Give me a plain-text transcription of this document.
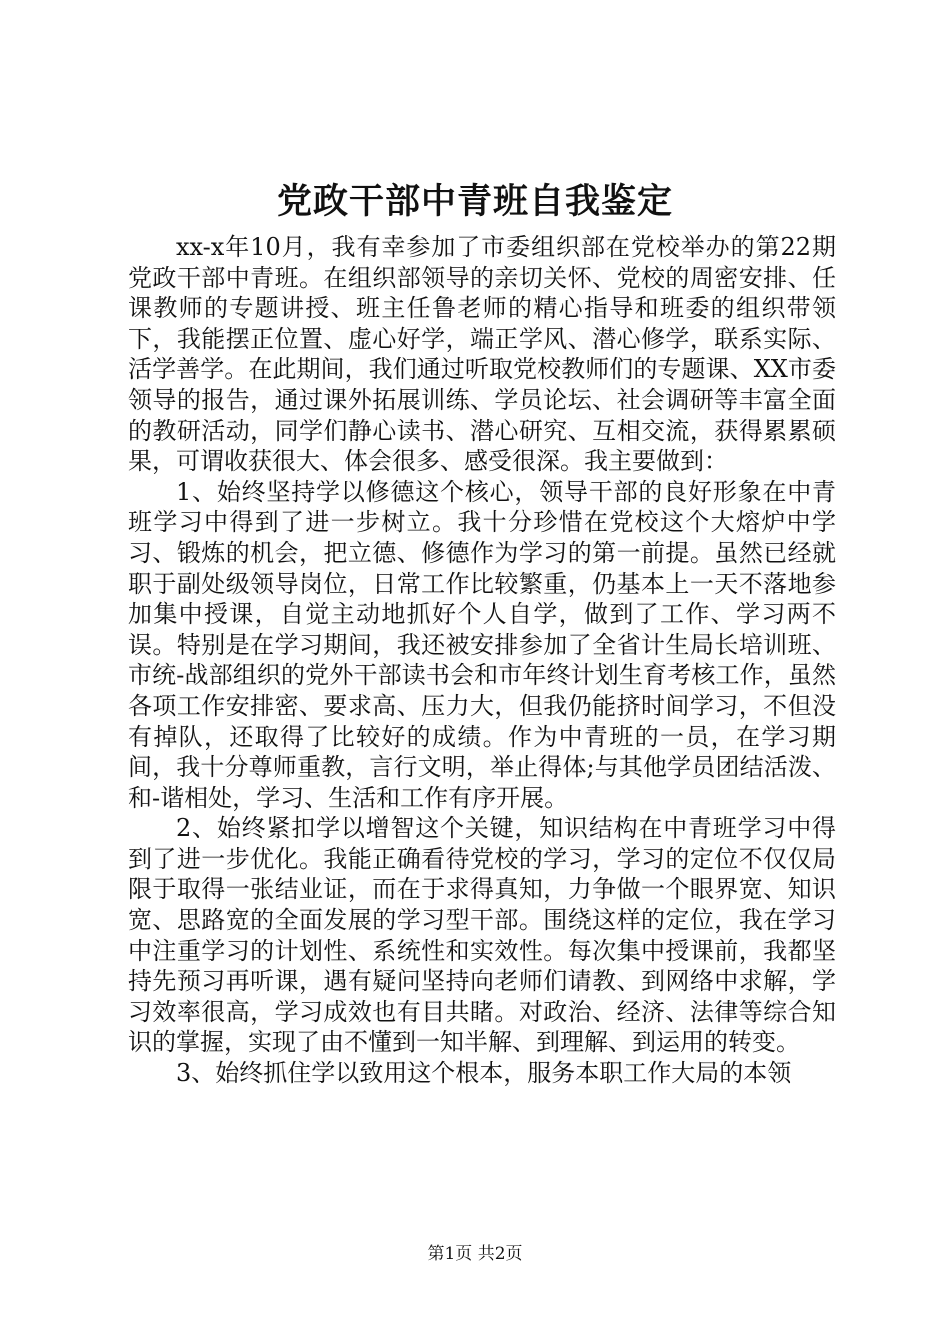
党政干部中青班自我鉴定

xx-x年10月，我有幸参加了市委组织部在党校举办的第22期党政干部中青班。在组织部领导的亲切关怀、党校的周密安排、任课教师的专题讲授、班主任鲁老师的精心指导和班委的组织带领下，我能摆正位置、虚心好学，端正学风、潜心修学，联系实际、活学善学。在此期间，我们通过听取党校教师们的专题课、XX市委领导的报告，通过课外拓展训练、学员论坛、社会调研等丰富全面的教研活动，同学们静心读书、潜心研究、互相交流，获得累累硕果，可谓收获很大、体会很多、感受很深。我主要做到：

1、始终坚持学以修德这个核心，领导干部的良好形象在中青班学习中得到了进一步树立。我十分珍惜在党校这个大熔炉中学习、锻炼的机会，把立德、修德作为学习的第一前提。虽然已经就职于副处级领导岗位，日常工作比较繁重，仍基本上一天不落地参加集中授课，自觉主动地抓好个人自学，做到了工作、学习两不误。特别是在学习期间，我还被安排参加了全省计生局长培训班、市统-战部组织的党外干部读书会和市年终计划生育考核工作，虽然各项工作安排密、要求高、压力大，但我仍能挤时间学习，不但没有掉队，还取得了比较好的成绩。作为中青班的一员，在学习期间，我十分尊师重教，言行文明，举止得体;与其他学员团结活泼、和-谐相处，学习、生活和工作有序开展。

2、始终紧扣学以增智这个关键，知识结构在中青班学习中得到了进一步优化。我能正确看待党校的学习，学习的定位不仅仅局限于取得一张结业证，而在于求得真知，力争做一个眼界宽、知识宽、思路宽的全面发展的学习型干部。围绕这样的定位，我在学习中注重学习的计划性、系统性和实效性。每次集中授课前，我都坚持先预习再听课，遇有疑问坚持向老师们请教、到网络中求解，学习效率很高，学习成效也有目共睹。对政治、经济、法律等综合知识的掌握，实现了由不懂到一知半解、到理解、到运用的转变。

3、始终抓住学以致用这个根本，服务本职工作大局的本领

第1页 共2页
